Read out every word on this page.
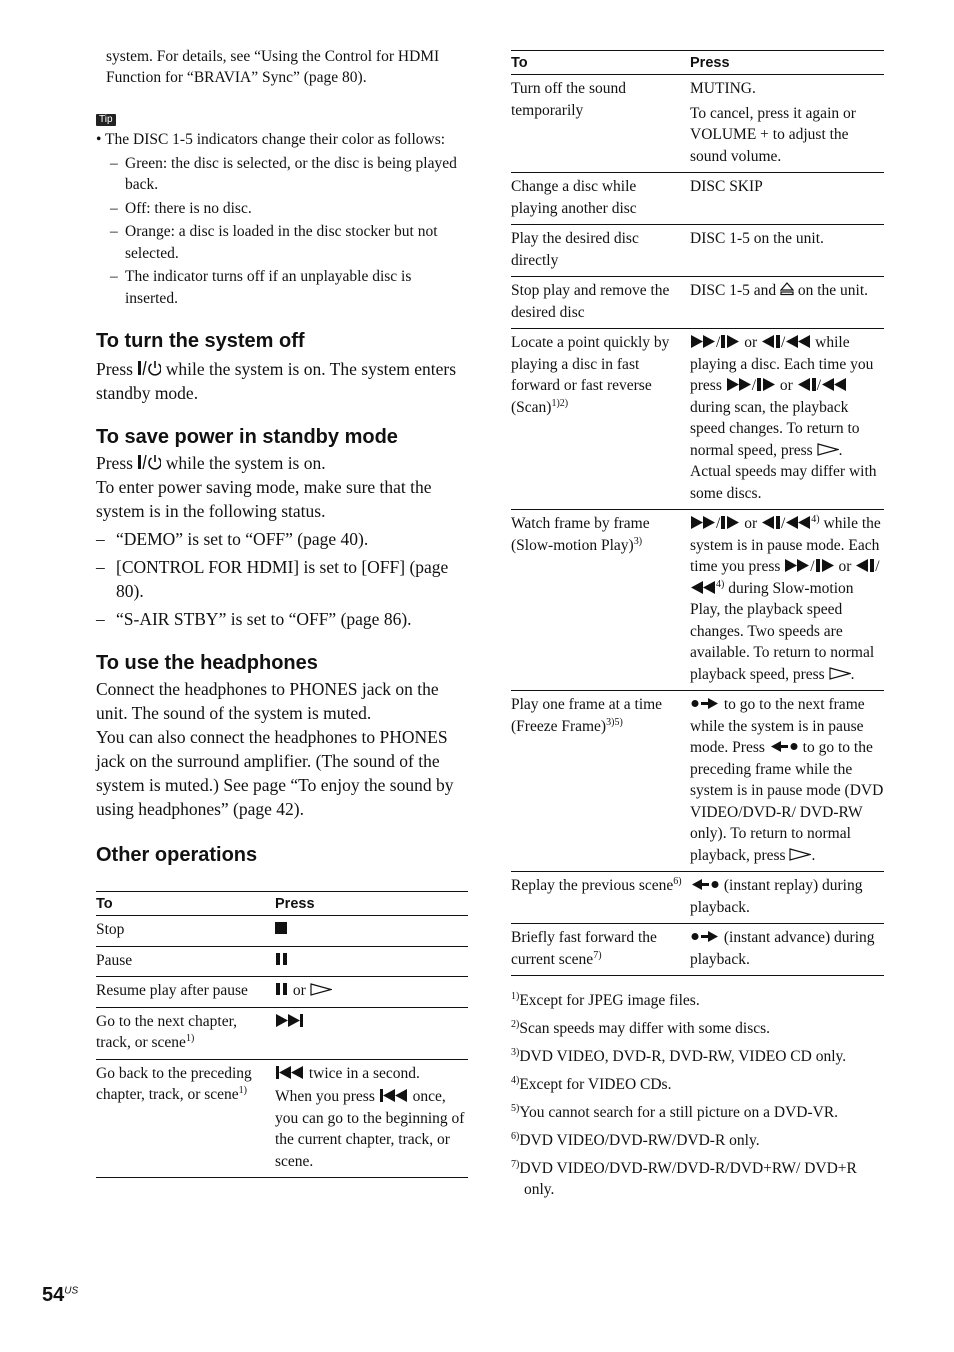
system. For details, see “Using the Control for HDMI Function for “BRAVIA” Sync” (page 80).
Tip
• The DISC 1-5 indicators change their color as follows:
– Green: the disc is selected, or the disc is being played back.
– Off: there is no disc.
– Orange: a disc is loaded in the disc stocker but not selected.
– The indicator turns off if an unplayable disc is inserted.
To turn the system off
Press  while the system is on. The system enters standby mode.
To save power in standby mode
Press  while the system is on.
To enter power saving mode, make sure that the system is in the following status.
– “DEMO” is set to “OFF” (page 40).
– [CONTROL FOR HDMI] is set to [OFF] (page 80).
– “S-AIR STBY” is set to “OFF” (page 86).
To use the headphones
Connect the headphones to PHONES jack on the unit. The sound of the system is muted.
You can also connect the headphones to PHONES jack on the surround amplifier. (The sound of the system is muted.) See page “To enjoy the sound by using headphones” (page 42).
Other operations
To	Press
Stop	
Pause	
Resume play after pause	or
Go to the next chapter, track, or scene$^{1)}$	
Go back to the preceding chapter, track, or scene$^{1)}$	twice in a second.
When you press  once, you can go to the beginning of the current chapter, track, or scene.
To	Press
Turn off the sound temporarily	MUTING.
To cancel, press it again or VOLUME + to adjust the sound volume.

Change a disc while playing another disc	DISC SKIP
Play the desired disc directly	DISC 1-5 on the unit.
Stop play and remove the desired disc	DISC 1-5 and  on the unit.
Locate a point quickly by playing a disc in fast forward or fast reverse (Scan)$^{1)2)}$	/ or / while playing a disc. Each time you press / or / during scan, the playback speed changes. To return to normal speed, press . Actual speeds may differ with some discs.
Watch frame by frame (Slow-motion Play)$^{3)}$	/ or / $^{4)}$ while the system is in pause mode. Each time you press / or /$^{4)}$ during Slow-motion Play, the playback speed changes. Two speeds are available. To return to normal playback speed, press .
Play one frame at a time (Freeze Frame)$^{3)5)}$	to go to the next frame while the system is in pause mode. Press  to go to the preceding frame while the system is in pause mode (DVD VIDEO/DVD-R/ DVD-RW only). To return to normal playback, press .
Replay the previous scene$^{6)}$	(instant replay) during playback.
Briefly fast forward the current scene$^{7)}$	(instant advance) during playback.
$^{1)}$Except for JPEG image files.
$^{2)}$Scan speeds may differ with some discs.
$^{3)}$DVD VIDEO, DVD-R, DVD-RW, VIDEO CD only.
$^{4)}$Except for VIDEO CDs.
$^{5)}$You cannot search for a still picture on a DVD-VR.
$^{6)}$DVD VIDEO/DVD-RW/DVD-R only.
$^{7)}$DVD VIDEO/DVD-RW/DVD-R/DVD+RW/ DVD+R only.
$54^{US}$
